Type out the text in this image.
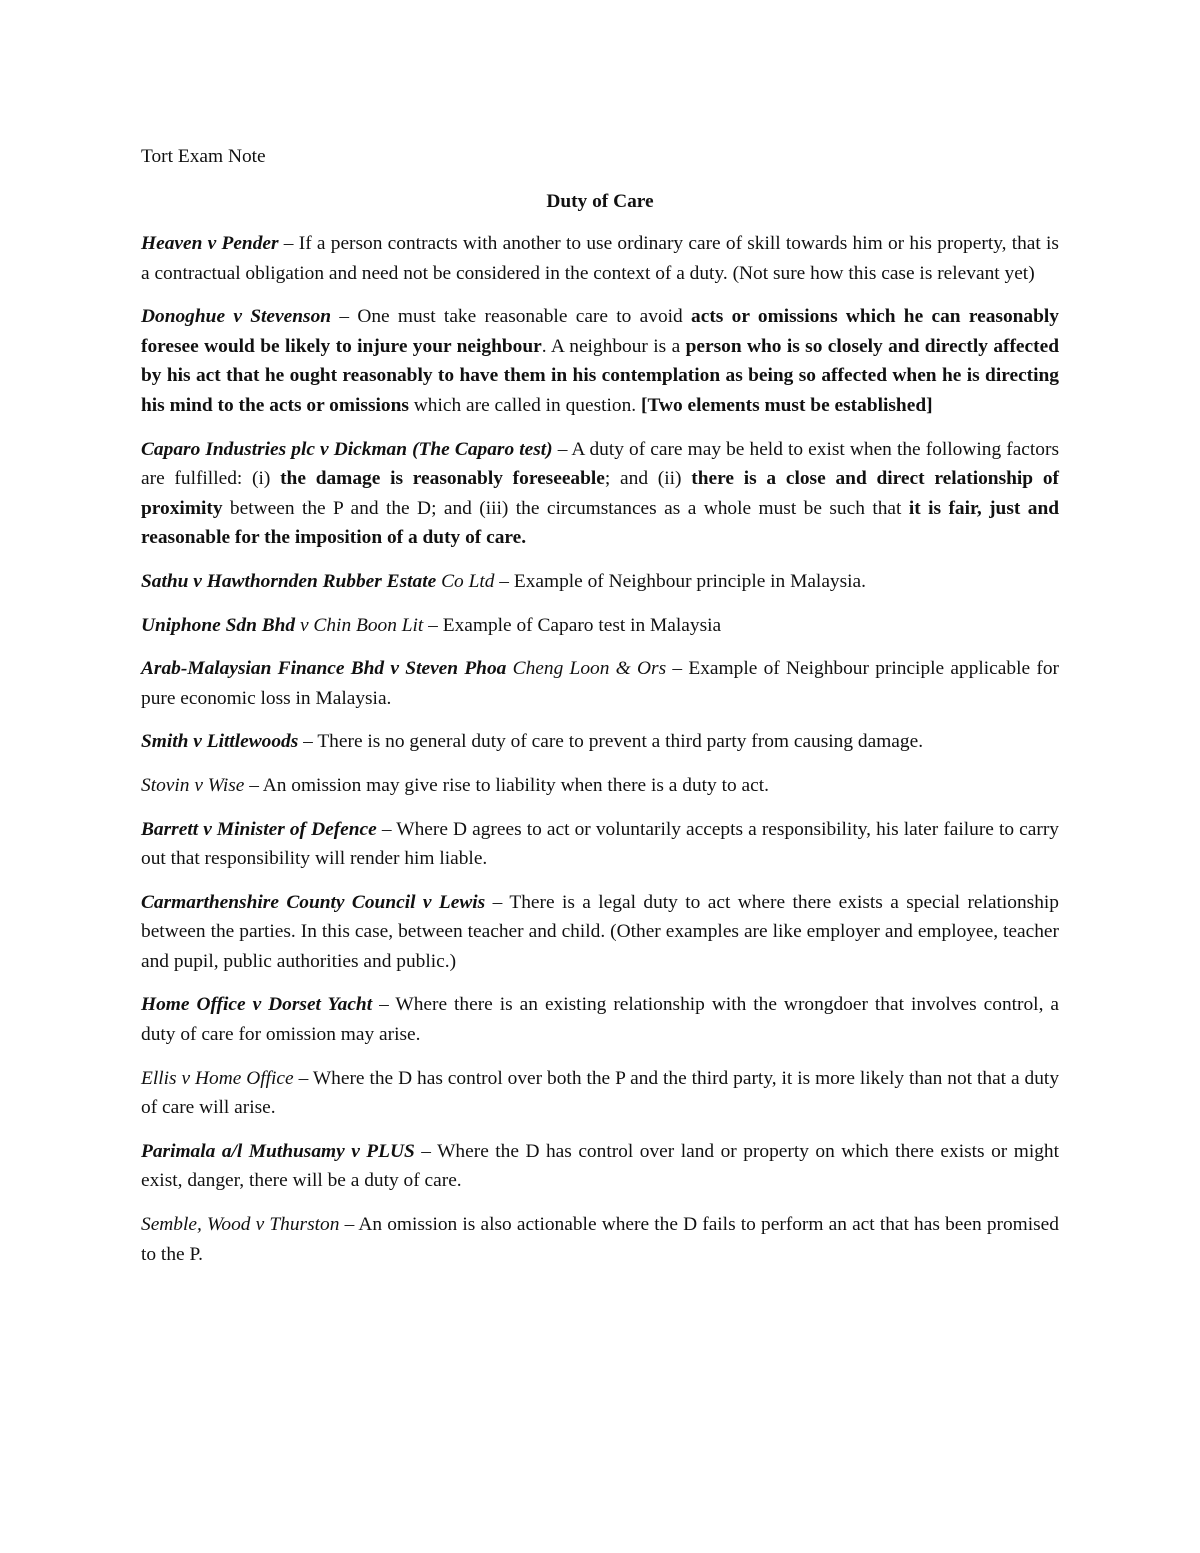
Tort Exam Note

Duty of Care

Heaven v Pender – If a person contracts with another to use ordinary care of skill towards him or his property, that is a contractual obligation and need not be considered in the context of a duty. (Not sure how this case is relevant yet)

Donoghue v Stevenson – One must take reasonable care to avoid acts or omissions which he can reasonably foresee would be likely to injure your neighbour. A neighbour is a person who is so closely and directly affected by his act that he ought reasonably to have them in his contemplation as being so affected when he is directing his mind to the acts or omissions which are called in question. [Two elements must be established]

Caparo Industries plc v Dickman (The Caparo test) – A duty of care may be held to exist when the following factors are fulfilled: (i) the damage is reasonably foreseeable; and (ii) there is a close and direct relationship of proximity between the P and the D; and (iii) the circumstances as a whole must be such that it is fair, just and reasonable for the imposition of a duty of care.

Sathu v Hawthornden Rubber Estate Co Ltd – Example of Neighbour principle in Malaysia.

Uniphone Sdn Bhd v Chin Boon Lit – Example of Caparo test in Malaysia

Arab-Malaysian Finance Bhd v Steven Phoa Cheng Loon & Ors – Example of Neighbour principle applicable for pure economic loss in Malaysia.

Smith v Littlewoods – There is no general duty of care to prevent a third party from causing damage.

Stovin v Wise – An omission may give rise to liability when there is a duty to act.

Barrett v Minister of Defence – Where D agrees to act or voluntarily accepts a responsibility, his later failure to carry out that responsibility will render him liable.

Carmarthenshire County Council v Lewis – There is a legal duty to act where there exists a special relationship between the parties. In this case, between teacher and child. (Other examples are like employer and employee, teacher and pupil, public authorities and public.)

Home Office v Dorset Yacht – Where there is an existing relationship with the wrongdoer that involves control, a duty of care for omission may arise.

Ellis v Home Office – Where the D has control over both the P and the third party, it is more likely than not that a duty of care will arise.

Parimala a/l Muthusamy v PLUS – Where the D has control over land or property on which there exists or might exist, danger, there will be a duty of care.

Semble, Wood v Thurston – An omission is also actionable where the D fails to perform an act that has been promised to the P.
